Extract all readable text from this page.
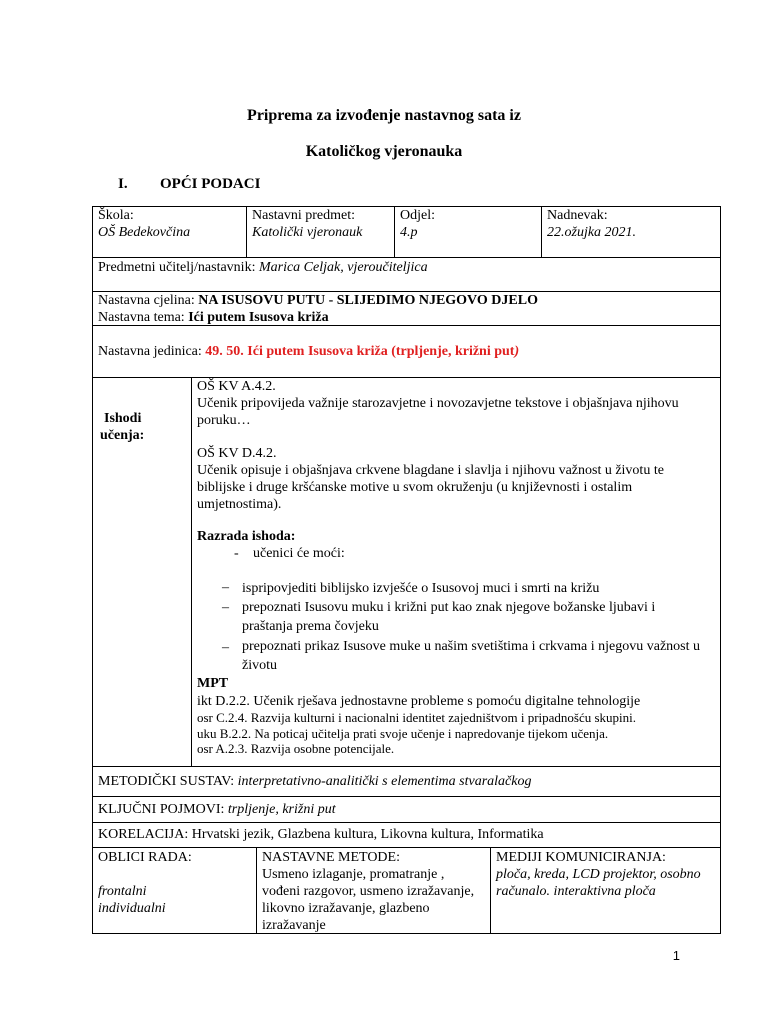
Priprema za izvođenje nastavnog sata iz
Katoličkog vjeronauka
I. OPĆI PODACI
Škola:
OŠ Bedekovčina
Nastavni predmet:
Katolički vjeronauk
Odjel:
4.p
Nadnevak:
22.ožujka 2021.
Predmetni učitelj/nastavnik: Marica Celjak, vjeroučiteljica
Nastavna cjelina: NA ISUSOVU PUTU - SLIJEDIMO NJEGOVO DJELO
Nastavna tema: Ići putem Isusova križa
Nastavna jedinica: 49. 50. Ići putem Isusova križa (trpljenje, križni put)
Ishodi
učenja:
OŠ KV A.4.2.
Učenik pripovijeda važnije starozavjetne i novozavjetne tekstove i objašnjava njihovu poruku…
OŠ KV D.4.2.
Učenik opisuje i objašnjava crkvene blagdane i slavlja i njihovu važnost u životu te biblijske i druge kršćanske motive u svom okruženju (u književnosti i ostalim umjetnostima).
Razrada ishoda:
- učenici će moći:
– ispripovjediti biblijsko izvješće o Isusovoj muci i smrti na križu
– prepoznati Isusovu muku i križni put kao znak njegove božanske ljubavi i praštanja prema čovjeku
– prepoznati prikaz Isusove muke u našim svetištima i crkvama i njegovu važnost u životu
MPT
ikt D.2.2. Učenik rješava jednostavne probleme s pomoću digitalne tehnologije
osr C.2.4. Razvija kulturni i nacionalni identitet zajedništvom i pripadnošću skupini.
uku B.2.2. Na poticaj učitelja prati svoje učenje i napredovanje tijekom učenja.
osr A.2.3. Razvija osobne potencijale.
METODIČKI SUSTAV: interpretativno-analitički s elementima stvaralačkog
KLJUČNI POJMOVI: trpljenje, križni put
KORELACIJA: Hrvatski jezik, Glazbena kultura, Likovna kultura, Informatika
OBLICI RADA:
frontalni
individualni
NASTAVNE METODE:
Usmeno izlaganje, promatranje , vođeni razgovor, usmeno izražavanje, likovno izražavanje, glazbeno izražavanje
MEDIJI KOMUNICIRANJA:
ploča, kreda, LCD projektor, osobno računalo. interaktivna ploča
1
